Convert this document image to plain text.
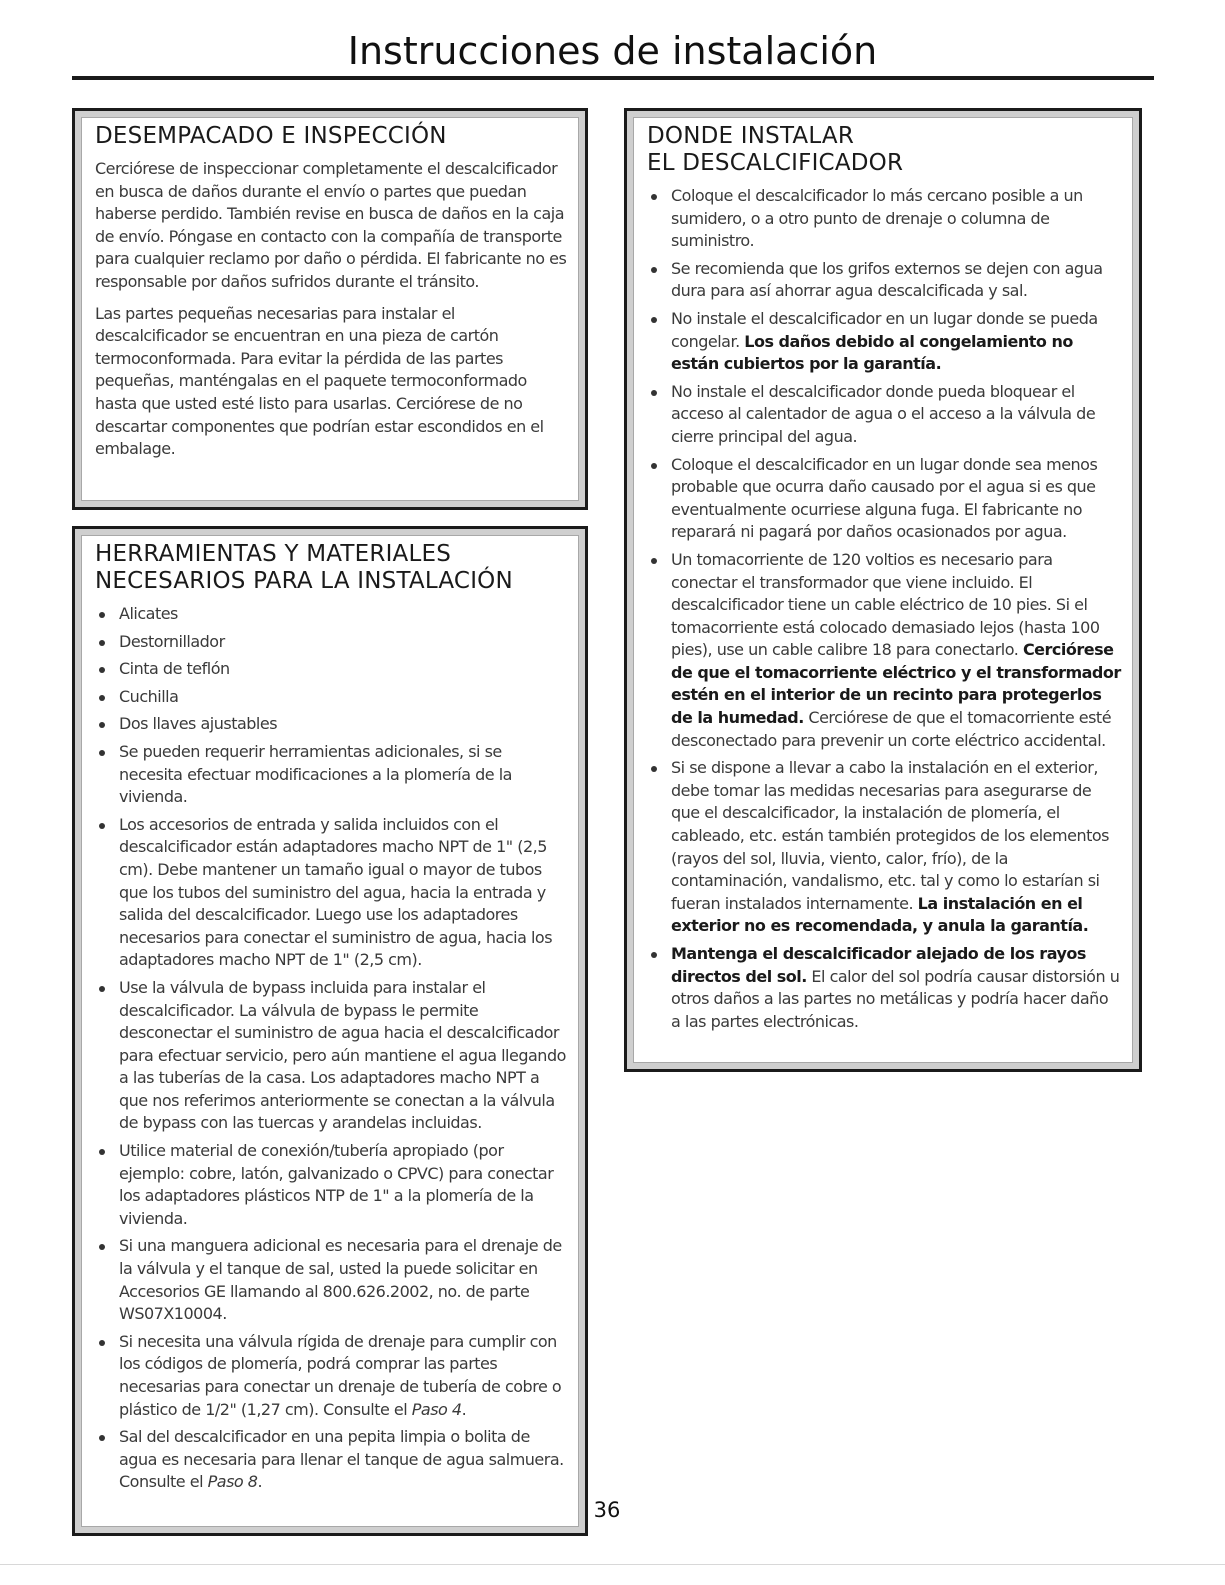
Instrucciones de instalación
DESEMPACADO E INSPECCIÓN

Cerciórese de inspeccionar completamente el descalcificador en busca de daños durante el envío o partes que puedan haberse perdido. También revise en busca de daños en la caja de envío. Póngase en contacto con la compañía de transporte para cualquier reclamo por daño o pérdida. El fabricante no es responsable por daños sufridos durante el tránsito.

Las partes pequeñas necesarias para instalar el descalcificador se encuentran en una pieza de cartón termoconformada. Para evitar la pérdida de las partes pequeñas, manténgalas en el paquete termoconformado hasta que usted esté listo para usarlas. Cerciórese de no descartar componentes que podrían estar escondidos en el embalage.

HERRAMIENTAS Y MATERIALES
NECESARIOS PARA LA INSTALACIÓN
Alicates
Destornillador
Cinta de teflón
Cuchilla
Dos llaves ajustables
Se pueden requerir herramientas adicionales, si se necesita efectuar modificaciones a la plomería de la vivienda.
Los accesorios de entrada y salida incluidos con el descalcificador están adaptadores macho NPT de 1" (2,5 cm). Debe mantener un tamaño igual o mayor de tubos que los tubos del suministro del agua, hacia la entrada y salida del descalcificador. Luego use los adaptadores necesarios para conectar el suministro de agua, hacia los adaptadores macho NPT de 1" (2,5 cm).
Use la válvula de bypass incluida para instalar el descalcificador. La válvula de bypass le permite desconectar el suministro de agua hacia el descalcificador para efectuar servicio, pero aún mantiene el agua llegando a las tuberías de la casa. Los adaptadores macho NPT a que nos referimos anteriormente se conectan a la válvula de bypass con las tuercas y arandelas incluidas.
Utilice material de conexión/tubería apropiado (por ejemplo: cobre, latón, galvanizado o CPVC) para conectar los adaptadores plásticos NTP de 1" a la plomería de la vivienda.
Si una manguera adicional es necesaria para el drenaje de la válvula y el tanque de sal, usted la puede solicitar en Accesorios GE llamando al 800.626.2002, no. de parte WS07X10004.
Si necesita una válvula rígida de drenaje para cumplir con los códigos de plomería, podrá comprar las partes necesarias para conectar un drenaje de tubería de cobre o plástico de 1/2" (1,27 cm). Consulte el Paso 4.
Sal del descalcificador en una pepita limpia o bolita de agua es necesaria para llenar el tanque de agua salmuera. Consulte el Paso 8.
DONDE INSTALAR
EL DESCALCIFICADOR
Coloque el descalcificador lo más cercano posible a un sumidero, o a otro punto de drenaje o columna de suministro.
Se recomienda que los grifos externos se dejen con agua dura para así ahorrar agua descalcificada y sal.
No instale el descalcificador en un lugar donde se pueda congelar. Los daños debido al congelamiento no están cubiertos por la garantía.
No instale el descalcificador donde pueda bloquear el acceso al calentador de agua o el acceso a la válvula de cierre principal del agua.
Coloque el descalcificador en un lugar donde sea menos probable que ocurra daño causado por el agua si es que eventualmente ocurriese alguna fuga. El fabricante no reparará ni pagará por daños ocasionados por agua.
Un tomacorriente de 120 voltios es necesario para conectar el transformador que viene incluido. El descalcificador tiene un cable eléctrico de 10 pies. Si el tomacorriente está colocado demasiado lejos (hasta 100 pies), use un cable calibre 18 para conectarlo. Cerciórese de que el tomacorriente eléctrico y el transformador estén en el interior de un recinto para protegerlos de la humedad. Cerciórese de que el tomacorriente esté desconectado para prevenir un corte eléctrico accidental.
Si se dispone a llevar a cabo la instalación en el exterior, debe tomar las medidas necesarias para asegurarse de que el descalcificador, la instalación de plomería, el cableado, etc. están también protegidos de los elementos (rayos del sol, lluvia, viento, calor, frío), de la contaminación, vandalismo, etc. tal y como lo estarían si fueran instalados internamente. La instalación en el exterior no es recomendada, y anula la garantía.
Mantenga el descalcificador alejado de los rayos directos del sol. El calor del sol podría causar distorsión u otros daños a las partes no metálicas y podría hacer daño a las partes electrónicas.
36
